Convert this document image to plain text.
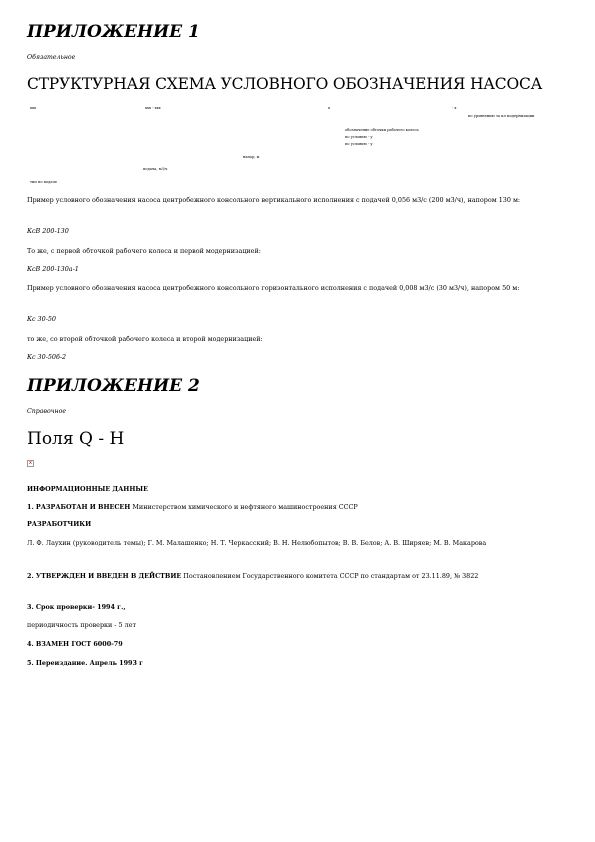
ПРИЛОЖЕНИЕ 1
Обязательное
СТРУКТУРНАЯ СХЕМА УСЛОВНОГО ОБОЗНАЧЕНИЯ НАСОСА
ххх	ххх - ххх	х	- х
по уровнению за кл модернизации
обозначение обточки рабочего колеса
по условию - у
по условию - у
напор, м
подача, м3/ч
тип по подаче
Пример условного обозначения насоса центробежного консольного вертикального исполнения с подачей 0,056 м3/с (200 м3/ч), напором 130 м:
КсВ 200-130
То же, с первой обточкой рабочего колеса и первой модернизацией:
КсВ 200-130а-1
Пример условного обозначения насоса центробежного консольного горизонтального исполнения с подачей 0,008 м3/с (30 м3/ч), напором 50 м:
Кс 30-50
то же, со второй обточкой рабочего колеса и второй модернизацией:
Кс 30-50б-2
ПРИЛОЖЕНИЕ 2
Справочное
Поля Q - H
x
ИНФОРМАЦИОННЫЕ ДАННЫЕ
1. РАЗРАБОТАН И ВНЕСЕН Министерством химического и нефтяного машиностроения СССР
РАЗРАБОТЧИКИ
Л. Ф. Лаухин (руководитель темы); Г. М. Малашенко; Н. Т. Черкасский; В. Н. Нелюбопытов; В. В. Белов; А. В. Ширяев; М. В. Макарова
2. УТВЕРЖДЕН И ВВЕДЕН В ДЕЙСТВИЕ Постановлением Государственного комитета СССР по стандартам от 23.11.89, № 3822
3. Срок проверки- 1994 г.,
периодичность проверки - 5 лет
4. ВЗАМЕН ГОСТ 6000-79
5. Переиздание. Апрель 1993 г
